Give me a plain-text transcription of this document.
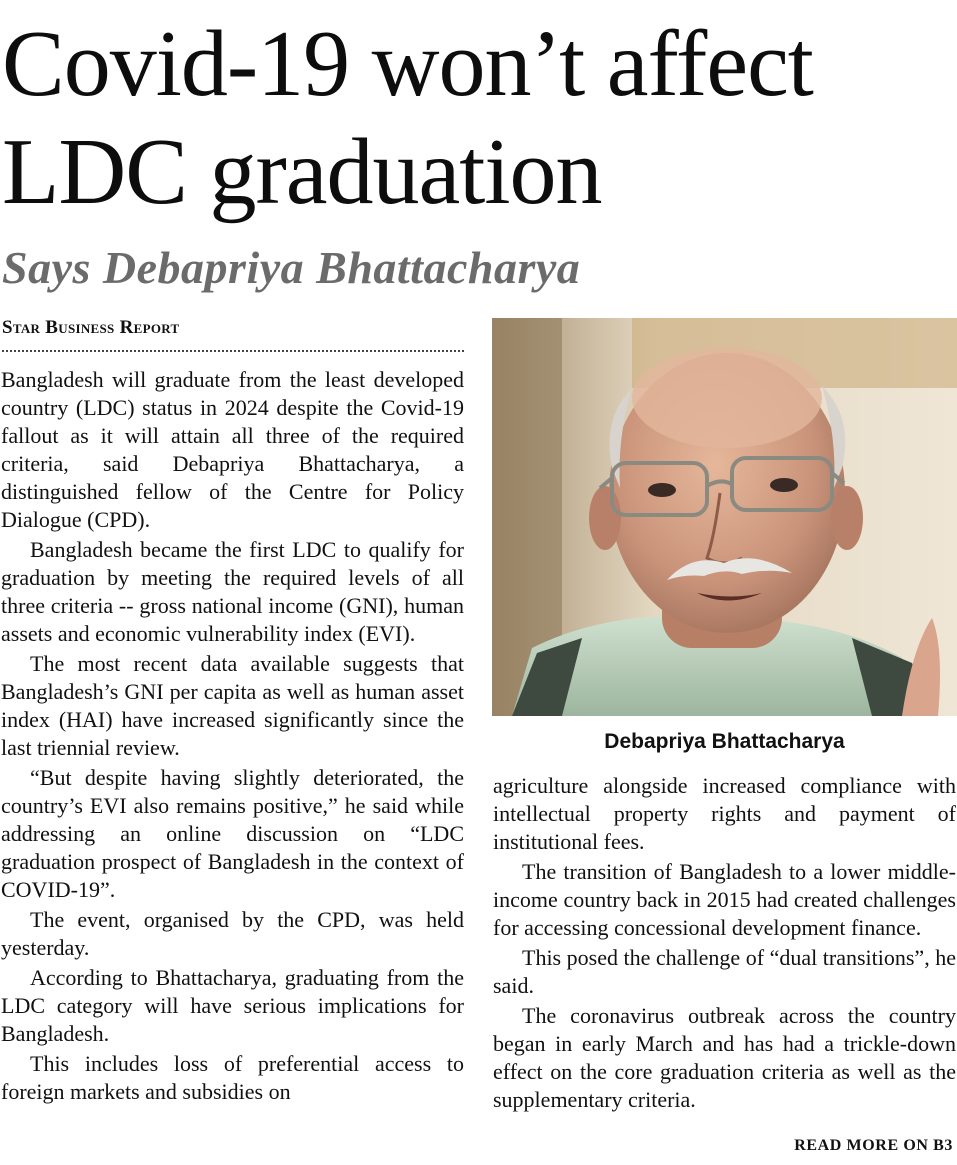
Covid-19 won’t affect LDC graduation
Says Debapriya Bhattacharya
Star Business Report

Bangladesh will graduate from the least developed country (LDC) status in 2024 despite the Covid-19 fallout as it will attain all three of the required criteria, said Debapriya Bhattacharya, a distinguished fellow of the Centre for Policy Dialogue (CPD).

Bangladesh became the first LDC to qualify for graduation by meeting the required levels of all three criteria -- gross national income (GNI), human assets and economic vulnerability index (EVI).

The most recent data available suggests that Bangladesh’s GNI per capita as well as human asset index (HAI) have increased significantly since the last triennial review.

“But despite having slightly deteriorated, the country’s EVI also remains positive,” he said while addressing an online discussion on “LDC graduation prospect of Bangladesh in the context of COVID-19”.

The event, organised by the CPD, was held yesterday.

According to Bhattacharya, graduating from the LDC category will have serious implications for Bangladesh.

This includes loss of preferential access to foreign markets and subsidies on

Debapriya Bhattacharya

agriculture alongside increased compliance with intellectual property rights and payment of institutional fees.

The transition of Bangladesh to a lower middle-income country back in 2015 had created challenges for accessing concessional development finance.

This posed the challenge of “dual transitions”, he said.

The coronavirus outbreak across the country began in early March and has had a trickle-down effect on the core graduation criteria as well as the supplementary criteria.

READ MORE ON B3
